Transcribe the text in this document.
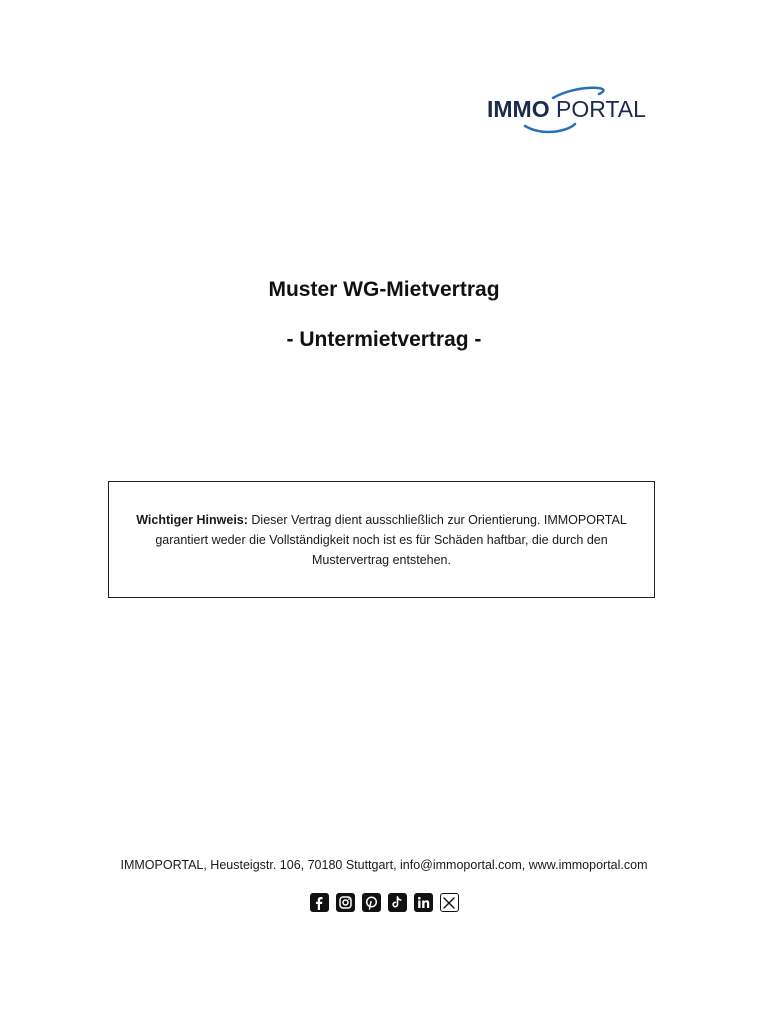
IMMO PORTAL
Muster WG-Mietvertrag
- Untermietvertrag -

Wichtiger Hinweis: Dieser Vertrag dient ausschließlich zur Orientierung. IMMOPORTAL garantiert weder die Vollständigkeit noch ist es für Schäden haftbar, die durch den Mustervertrag entstehen.

IMMOPORTAL, Heusteigstr. 106, 70180 Stuttgart, info@immoportal.com, www.immoportal.com
